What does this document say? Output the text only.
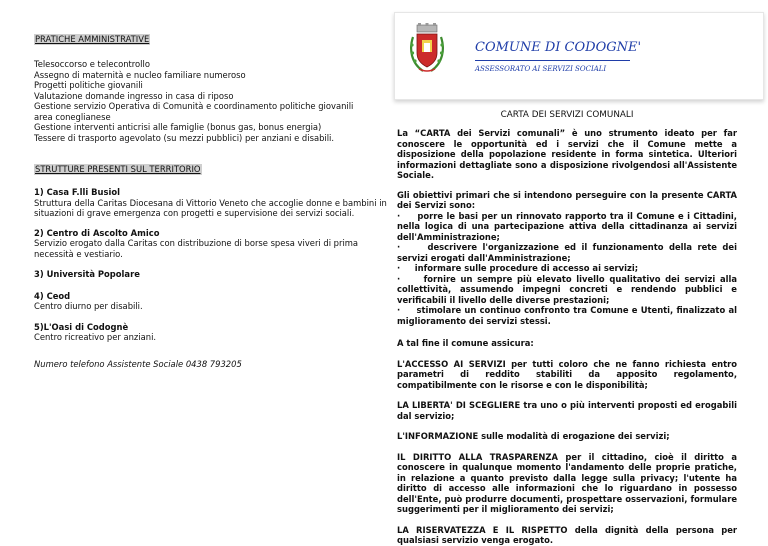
PRATICHE AMMINISTRATIVE
Telesoccorso e telecontrollo
Assegno di maternità e nucleo familiare numeroso
Progetti politiche giovanili
Valutazione domande ingresso in casa di riposo
Gestione servizio Operativa di Comunità e coordinamento politiche giovanili
area coneglianese
Gestione interventi anticrisi alle famiglie (bonus gas, bonus energia)
Tessere di trasporto agevolato (su mezzi pubblici) per anziani e disabili.
STRUTTURE PRESENTI SUL TERRITORIO
1) Casa F.lli Busiol
Struttura della Caritas Diocesana di Vittorio Veneto che accoglie donne e bambini in
situazioni di grave emergenza con progetti e supervisione dei servizi sociali.
2) Centro di Ascolto Amico
Servizio erogato dalla Caritas con distribuzione di borse spesa viveri di prima
necessità e vestiario.
3) Università Popolare
4) Ceod
Centro diurno per disabili.
5)L'Oasi di Codognè
Centro ricreativo per anziani.
Numero telefono Assistente Sociale 0438 793205
COMUNE DI CODOGNE'
ASSESSORATO AI SERVIZI SOCIALI
CARTA DEI SERVIZI COMUNALI
La “CARTA dei Servizi comunali” è uno strumento ideato per far conoscere le opportunità ed i servizi che il Comune mette a disposizione della popolazione residente in forma sintetica. Ulteriori informazioni dettagliate sono a disposizione rivolgendosi all'Assistente Sociale.
Gli obiettivi primari che si intendono perseguire con la presente CARTA dei Servizi sono:
· porre le basi per un rinnovato rapporto tra il Comune e i Cittadini, nella logica di una partecipazione attiva della cittadinanza ai servizi dell'Amministrazione;
·	descrivere l'organizzazione ed il funzionamento della rete dei servizi erogati dall'Amministrazione;
· informare sulle procedure di accesso ai servizi;
·	fornire un sempre più elevato livello qualitativo dei servizi alla collettività, assumendo impegni concreti e rendendo pubblici e verificabili il livello delle diverse prestazioni;
· stimolare un continuo confronto tra Comune e Utenti, finalizzato al miglioramento dei servizi stessi.
A tal fine il comune assicura:
L'ACCESSO AI SERVIZI per tutti coloro che ne fanno richiesta entro parametri di reddito stabiliti da apposito regolamento, compatibilmente con le risorse e con le disponibilità;
LA LIBERTA' DI SCEGLIERE tra uno o più interventi proposti ed erogabili dal servizio;
L'INFORMAZIONE sulle modalità di erogazione dei servizi;
IL DIRITTO ALLA TRASPARENZA per il cittadino, cioè il diritto a conoscere in qualunque momento l'andamento delle proprie pratiche, in relazione a quanto previsto dalla legge sulla privacy; l'utente ha diritto di accesso alle informazioni che lo riguardano in possesso dell'Ente, può produrre documenti, prospettare osservazioni, formulare suggerimenti per il miglioramento dei servizi;
LA RISERVATEZZA E IL RISPETTO della dignità della persona per qualsiasi servizio venga erogato.
